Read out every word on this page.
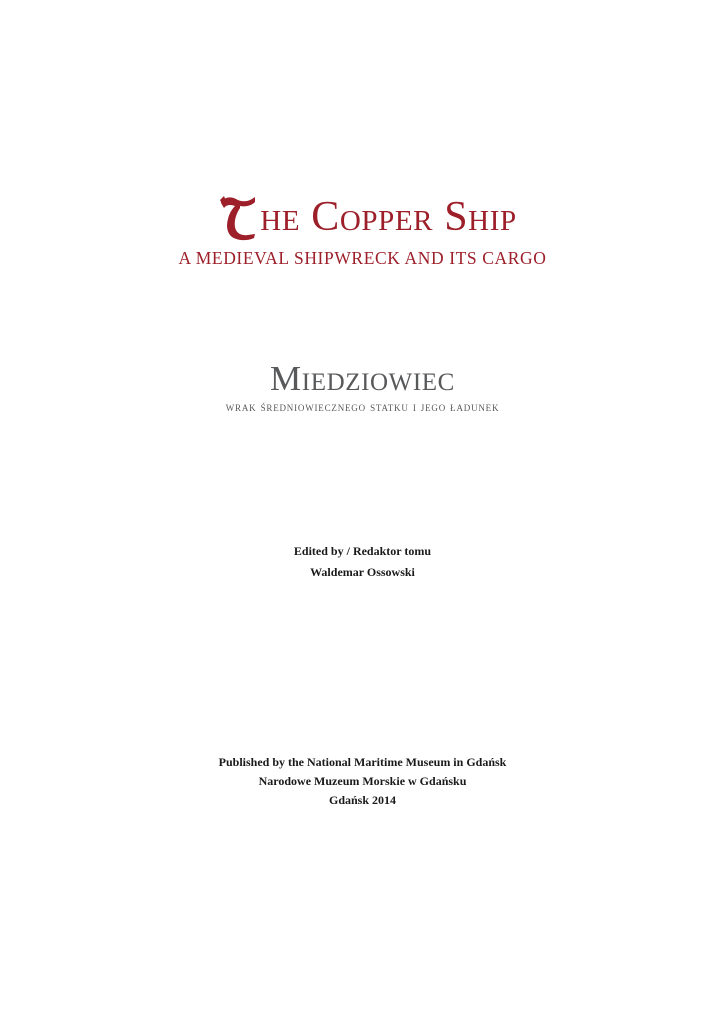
he Copper Ship
A MEDIEVAL SHIPWRECK AND ITS CARGO
Miedziowiec
wrak średniowiecznego statku i jego ładunek
Edited by / Redaktor tomu
Waldemar Ossowski
Published by the National Maritime Museum in Gdańsk
Narodowe Muzeum Morskie w Gdańsku
Gdańsk 2014
